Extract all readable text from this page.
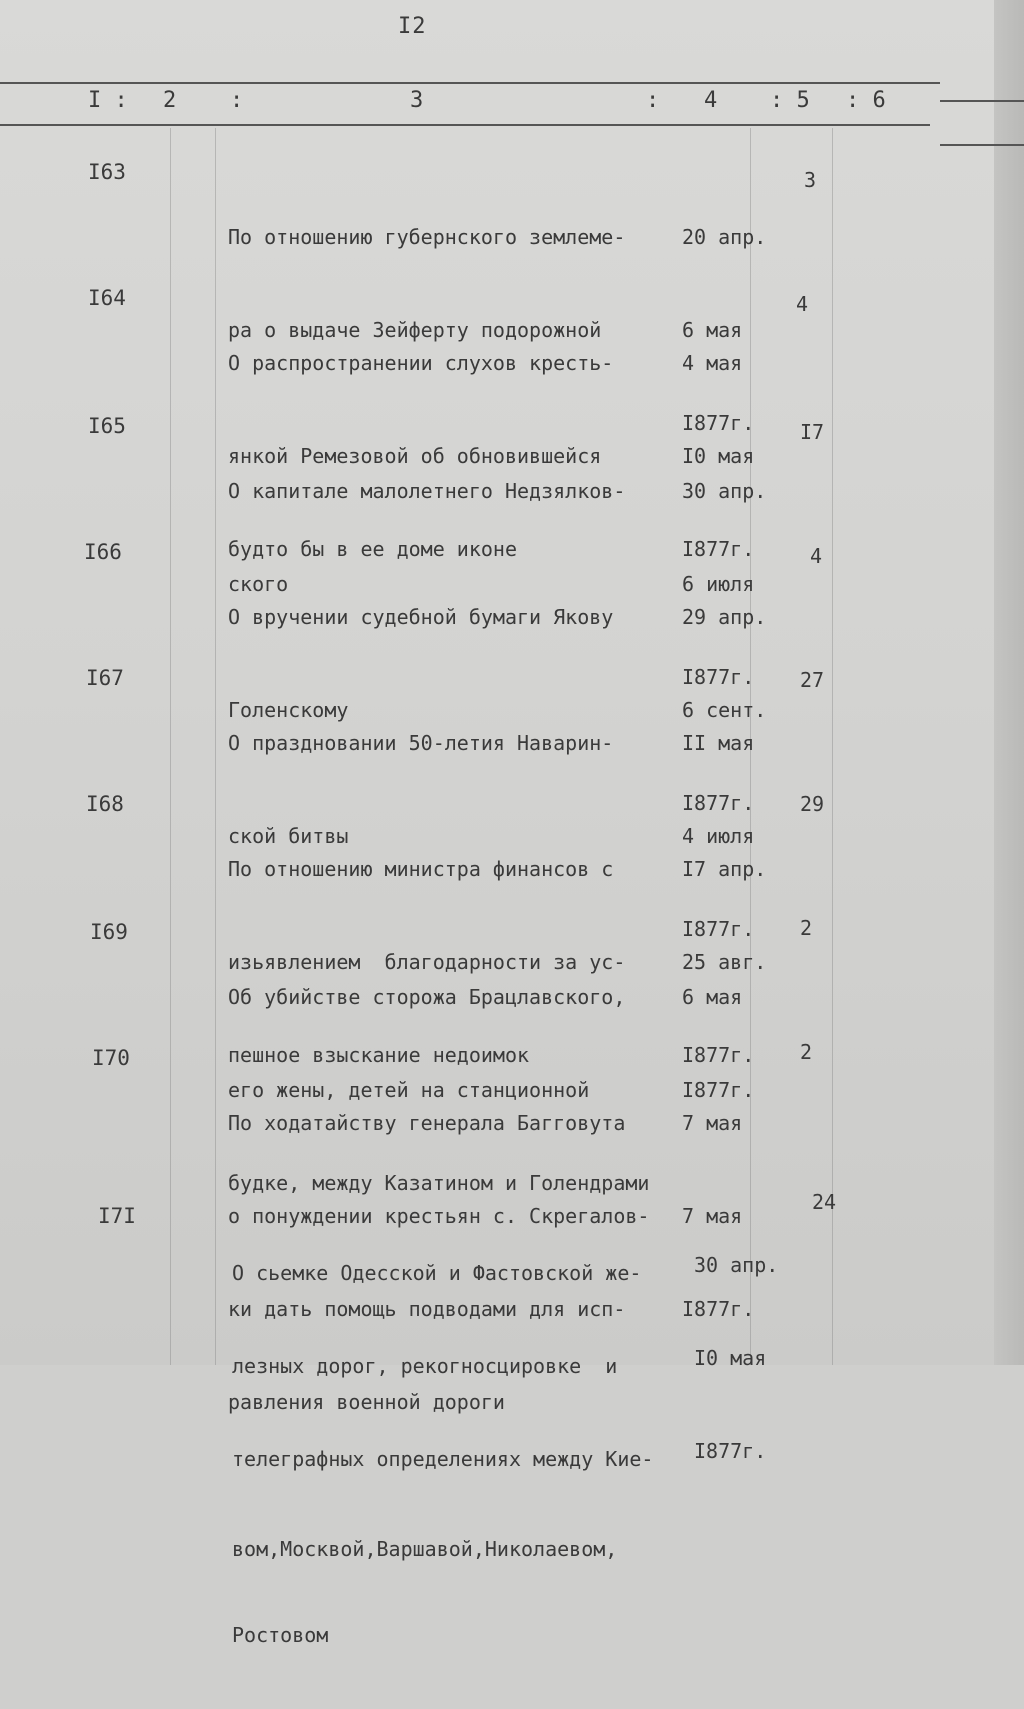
I2
I : 2 :	3	: 4 : 5 : 6
I63

По отношению губернского землеме-

ра о выдаче Зейферту подорожной

20 апр.

6 мая

I877г.

3
I64

О распространении слухов кресть-

янкой Ремезовой об обновившейся

будто бы в ее доме иконе

4 мая

I0 мая

I877г.

4
I65

О капитале малолетнего Недзялков-

ского

30 апр.

6 июля

I877г.

I7
I66

О вручении судебной бумаги Якову

Голенскому

29 апр.

6 сент.

I877г.

4
I67

О праздновании 50-летия Наварин-

ской битвы

II мая

4 июля

I877г.

27
I68

По отношению министра финансов с

изьявлением  благодарности за ус-

пешное взыскание недоимок

I7 апр.

25 авг.

I877г.

29
I69

Об убийстве сторожа Брацлавского,

его жены, детей на станционной

будке, между Казатином и Голендрами

6 мая

I877г.

2
I70

По ходатайству генерала Багговута

о понуждении крестьян с. Скрегалов-

ки дать помощь подводами для исп-

равления военной дороги

7 мая

7 мая

I877г.

2
I7I

О сьемке Одесской и Фастовской же-

лезных дорог, рекогносцировке  и

телеграфных определениях между Кие-

вом,Москвой,Варшавой,Николаевом,

Ростовом

30 апр.

I0 мая

I877г.

24
